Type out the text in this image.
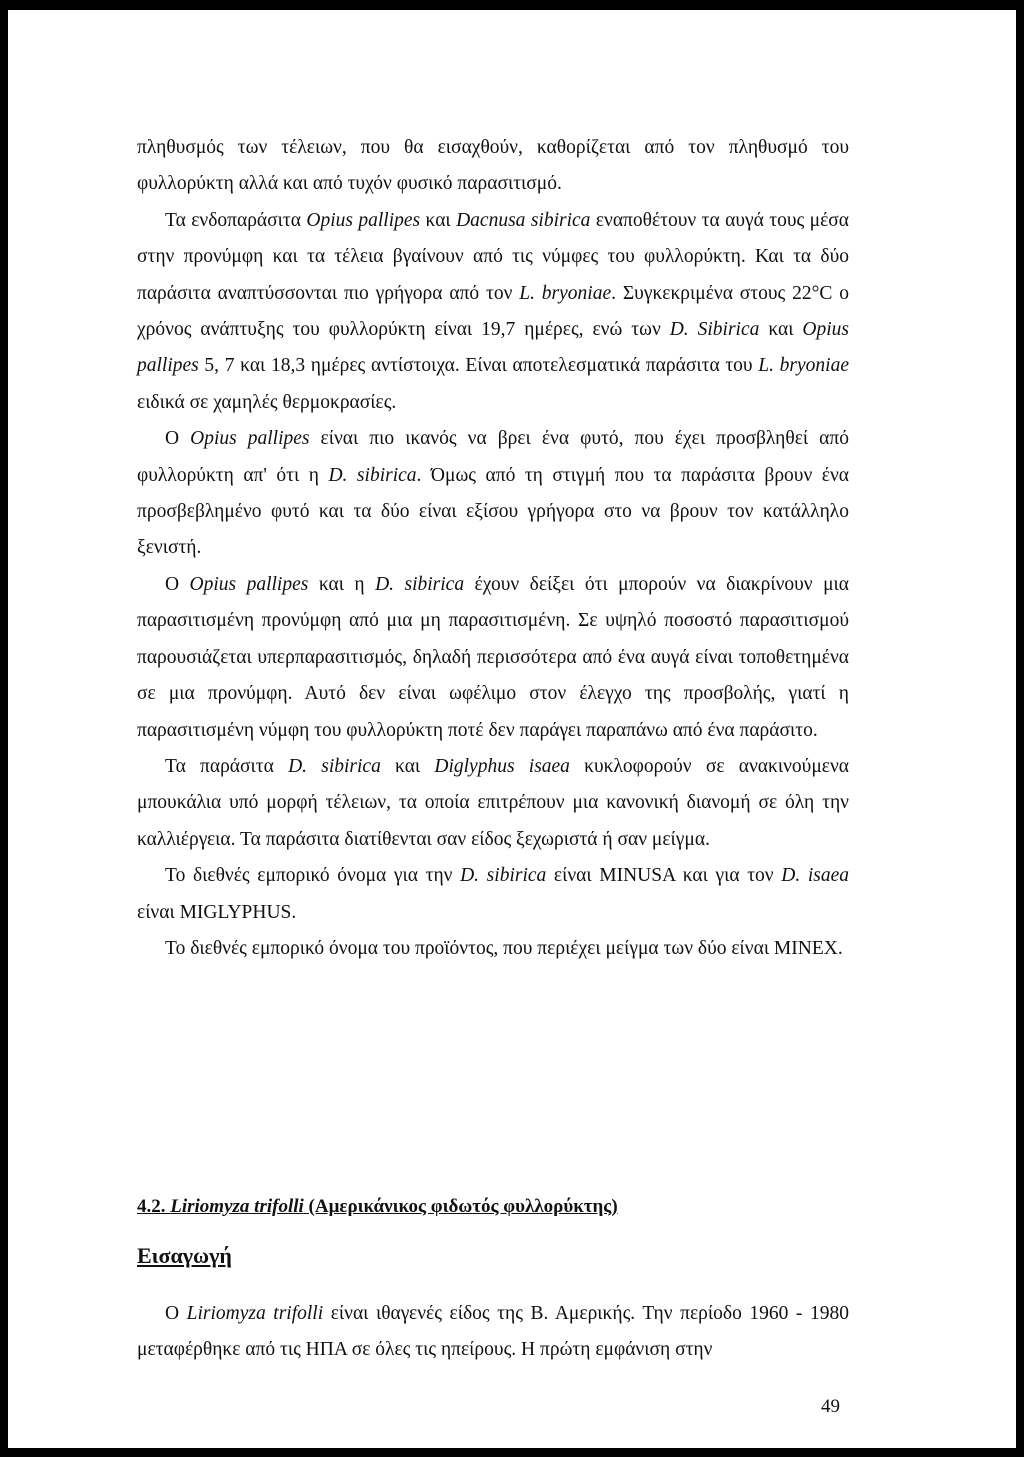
πληθυσμός των τέλειων, που θα εισαχθούν, καθορίζεται από τον πληθυσμό του φυλλορύκτη αλλά και από τυχόν φυσικό παρασιτισμό.

Τα ενδοπαράσιτα Opius pallipes και Dacnusa sibirica εναποθέτουν τα αυγά τους μέσα στην προνύμφη και τα τέλεια βγαίνουν από τις νύμφες του φυλλορύκτη. Και τα δύο παράσιτα αναπτύσσονται πιο γρήγορα από τον L. bryoniae. Συγκεκριμένα στους 22°C ο χρόνος ανάπτυξης του φυλλορύκτη είναι 19,7 ημέρες, ενώ των D. Sibirica και Opius pallipes 5, 7 και 18,3 ημέρες αντίστοιχα. Είναι αποτελεσματικά παράσιτα του L. bryoniae ειδικά σε χαμηλές θερμοκρασίες.

Ο Opius pallipes είναι πιο ικανός να βρει ένα φυτό, που έχει προσβληθεί από φυλλορύκτη απ' ότι η D. sibirica. Όμως από τη στιγμή που τα παράσιτα βρουν ένα προσβεβλημένο φυτό και τα δύο είναι εξίσου γρήγορα στο να βρουν τον κατάλληλο ξενιστή.

Ο Opius pallipes και η D. sibirica έχουν δείξει ότι μπορούν να διακρίνουν μια παρασιτισμένη προνύμφη από μια μη παρασιτισμένη. Σε υψηλό ποσοστό παρασιτισμού παρουσιάζεται υπερπαρασιτισμός, δηλαδή περισσότερα από ένα αυγά είναι τοποθετημένα σε μια προνύμφη. Αυτό δεν είναι ωφέλιμο στον έλεγχο της προσβολής, γιατί η παρασιτισμένη νύμφη του φυλλορύκτη ποτέ δεν παράγει παραπάνω από ένα παράσιτο.

Τα παράσιτα D. sibirica και Diglyphus isaea κυκλοφορούν σε ανακινούμενα μπουκάλια υπό μορφή τέλειων, τα οποία επιτρέπουν μια κανονική διανομή σε όλη την καλλιέργεια. Τα παράσιτα διατίθενται σαν είδος ξεχωριστά ή σαν μείγμα.

Το διεθνές εμπορικό όνομα για την D. sibirica είναι MINUSA και για τον D. isaea είναι MIGLYPHUS.

Το διεθνές εμπορικό όνομα του προϊόντος, που περιέχει μείγμα των δύο είναι MINEX.

4.2. Liriomyza trifolli (Αμερικάνικος φιδωτός φυλλορύκτης)
Εισαγωγή

Ο Liriomyza trifolli είναι ιθαγενές είδος της Β. Αμερικής. Την περίοδο 1960 - 1980 μεταφέρθηκε από τις ΗΠΑ σε όλες τις ηπείρους. Η πρώτη εμφάνιση στην

49
